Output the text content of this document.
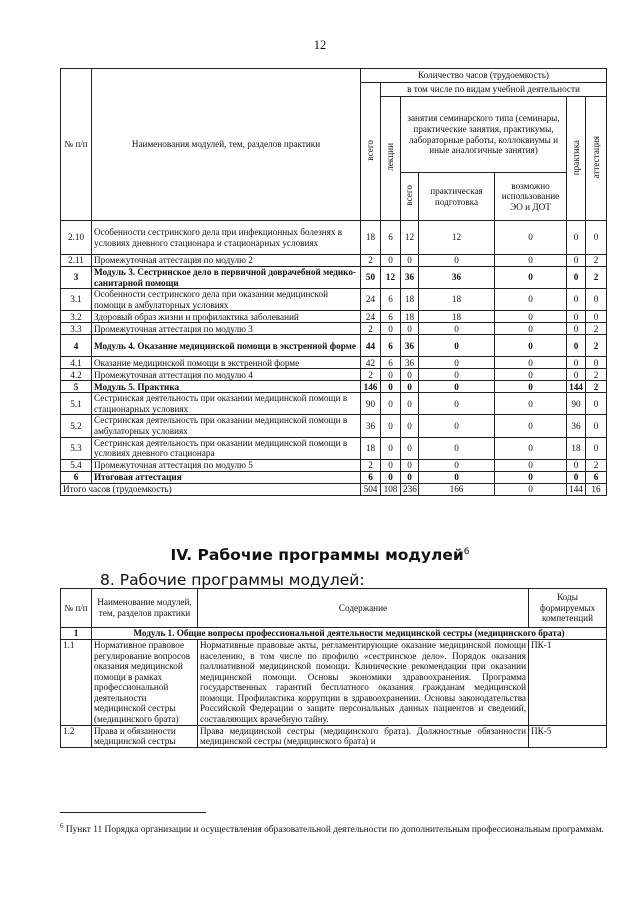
12
№ п/п	Наименования модулей, тем, разделов практики	Количество часов (трудоемкость)						
		всего	в том числе по видам учебной деятельности					
			лекции	занятия семинарского типа (семинары, практические занятия, практикумы, лабораторные работы, коллоквиумы и иные аналогичные занятия)			практика	аттестация
				всего	практическая подготовка	возможно использование ЭО и ДОТ		
2.10	Особенности сестринского дела при инфекционных болезнях в условиях дневного стационара и стационарных условиях	18	6	12	12	0	0	0
2.11	Промежуточная аттестация по модулю 2	2	0	0	0	0	0	2
3	Модуль 3. Сестринское дело в первичной доврачебной медико-санитарной помощи	50	12	36	36	0	0	2
3.1	Особенности сестринского дела при оказании медицинской помощи в амбулаторных условиях	24	6	18	18	0	0	0
3.2	Здоровый образ жизни и профилактика заболеваний	24	6	18	18	0	0	0
3.3	Промежуточная аттестация по модулю 3	2	0	0	0	0	0	2
4	Модуль 4. Оказание медицинской помощи в экстренной форме	44	6	36	0	0	0	2
4.1	Оказание медицинской помощи в экстренной форме	42	6	36	0	0	0	0
4.2	Промежуточная аттестация по модулю 4	2	0	0	0	0	0	2
5	Модуль 5. Практика	146	0	0	0	0	144	2
5.1	Сестринская деятельность при оказании медицинской помощи в стационарных условиях	90	0	0	0	0	90	0
5.2	Сестринская деятельность при оказании медицинской помощи в амбулаторных условиях	36	0	0	0	0	36	0
5.3	Сестринская деятельность при оказании медицинской помощи в условиях дневного стационара	18	0	0	0	0	18	0
5.4	Промежуточная аттестация по модулю 5	2	0	0	0	0	0	2
6	Итоговая аттестация	6	0	0	0	0	0	6
Итого часов (трудоемкость)		504	108	236	166	0	144	16
IV. Рабочие программы модулей$^6$
8. Рабочие программы модулей:
№ п/п	Наименование модулей, тем, разделов практики	Содержание	Коды формируемых компетенций
1	Модуль 1. Общие вопросы профессиональной деятельности медицинской сестры (медицинского брата)		
1.1	Нормативное правовое регулирование вопросов оказания медицинской помощи в рамках профессиональной деятельности медицинской сестры (медицинского брата)	Нормативные правовые акты, регламентирующие оказание медицинской помощи населению, в том числе по профилю «сестринское дело». Порядок оказания паллиативной медицинской помощи. Клинические рекомендации при оказании медицинской помощи. Основы экономики здравоохранения. Программа государственных гарантий бесплатного оказания гражданам медицинской помощи. Профилактика коррупции в здравоохранении. Основы законодательства Российской Федерации о защите персональных данных пациентов и сведений, составляющих врачебную тайну.	ПК-1
1.2	Права и обязанности медицинской сестры	Права медицинской сестры (медицинского брата). Должностные обязанности медицинской сестры (медицинского брата) и	ПК-5
$^6$ Пункт 11 Порядка организации и осуществления образовательной деятельности по дополнительным профессиональным программам.
